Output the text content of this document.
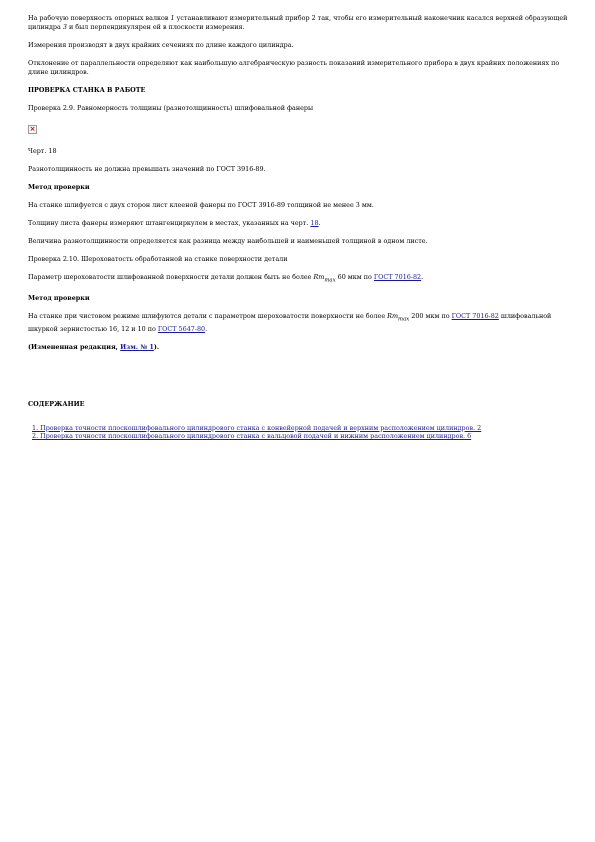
На рабочую поверхность опорных валков 1 устанавливают измерительный прибор 2 так, чтобы его измерительный наконечник касался верхней образующей цилиндра 3 и был перпендикулярен ей в плоскости измерения.

Измерения производят в двух крайних сечениях по длине каждого цилиндра.

Отклонение от параллельности определяют как наибольшую алгебраическую разность показаний измерительного прибора в двух крайних положениях по длине цилиндров.

ПРОВЕРКА СТАНКА В РАБОТЕ

Проверка 2.9. Равномерность толщины (разнотолщинность) шлифовальной фанеры

×

Черт. 18

Разнотолщинность не должна превышать значений по ГОСТ 3916-89.

Метод проверки

На станке шлифуется с двух сторон лист клееной фанеры по ГОСТ 3916-89 толщиной не менее 3 мм.

Толщину листа фанеры измеряют штангенциркулем в местах, указанных на черт. 18.

Величина разнотолщинности определяется как разница между наибольшей и наименьшей толщиной в одном листе.

Проверка 2.10. Шероховатость обработанной на станке поверхности детали

Параметр шероховатости шлифованной поверхности детали должен быть не более $Rm_{max}$ 60 мкм по ГОСТ 7016-82.

Метод проверки

На станке при чистовом режиме шлифуются детали с параметром шероховатости поверхности не более $Rm_{max}$ 200 мкм по ГОСТ 7016-82 шлифовальной шкуркой зернистостью 16, 12 и 10 по ГОСТ 5647-80.

(Измененная редакция, Изм. № 1).

СОДЕРЖАНИЕ

1. Проверка точности плоскошлифовального цилиндрового станка с конвейерной подачей и верхним расположением цилиндров. 2

2. Проверка точности плоскошлифовального цилиндрового станка с вальцовой подачей и нижним расположением цилиндров. 6
